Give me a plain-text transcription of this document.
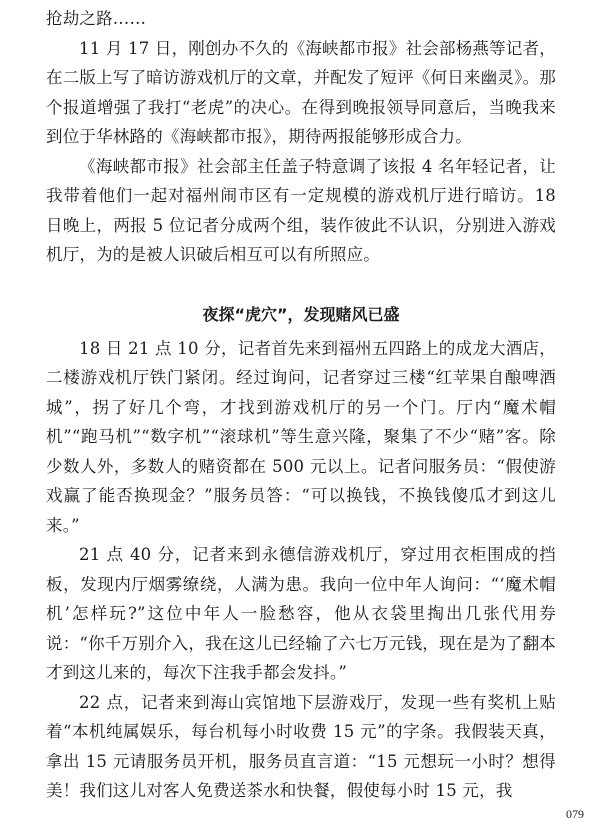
抢劫之路……

11 月 17 日，刚创办不久的《海峡都市报》社会部杨燕等记者，在二版上写了暗访游戏机厅的文章，并配发了短评《何日来幽灵》。那个报道增强了我打“老虎”的决心。在得到晚报领导同意后，当晚我来到位于华林路的《海峡都市报》，期待两报能够形成合力。

《海峡都市报》社会部主任盖子特意调了该报 4 名年轻记者，让我带着他们一起对福州闹市区有一定规模的游戏机厅进行暗访。18 日晚上，两报 5 位记者分成两个组，装作彼此不认识，分别进入游戏机厅，为的是被人识破后相互可以有所照应。

夜探“虎穴”，发现赌风已盛

18 日 21 点 10 分，记者首先来到福州五四路上的成龙大酒店，二楼游戏机厅铁门紧闭。经过询问，记者穿过三楼“红苹果自酿啤酒城”，拐了好几个弯，才找到游戏机厅的另一个门。厅内“魔术帽机”“跑马机”“数字机”“滚球机”等生意兴隆，聚集了不少“赌”客。除少数人外，多数人的赌资都在 500 元以上。记者问服务员：“假使游戏赢了能否换现金？”服务员答：“可以换钱，不换钱傻瓜才到这儿来。”

21 点 40 分，记者来到永德信游戏机厅，穿过用衣柜围成的挡板，发现内厅烟雾缭绕，人满为患。我向一位中年人询问：“‘魔术帽机’怎样玩?”这位中年人一脸愁容，他从衣袋里掏出几张代用券说：“你千万别介入，我在这儿已经输了六七万元钱，现在是为了翻本才到这儿来的，每次下注我手都会发抖。”

22 点，记者来到海山宾馆地下层游戏厅，发现一些有奖机上贴着“本机纯属娱乐，每台机每小时收费 15 元”的字条。我假装天真，拿出 15 元请服务员开机，服务员直言道：“15 元想玩一小时？想得美！我们这儿对客人免费送茶水和快餐，假使每小时 15 元，我

079
